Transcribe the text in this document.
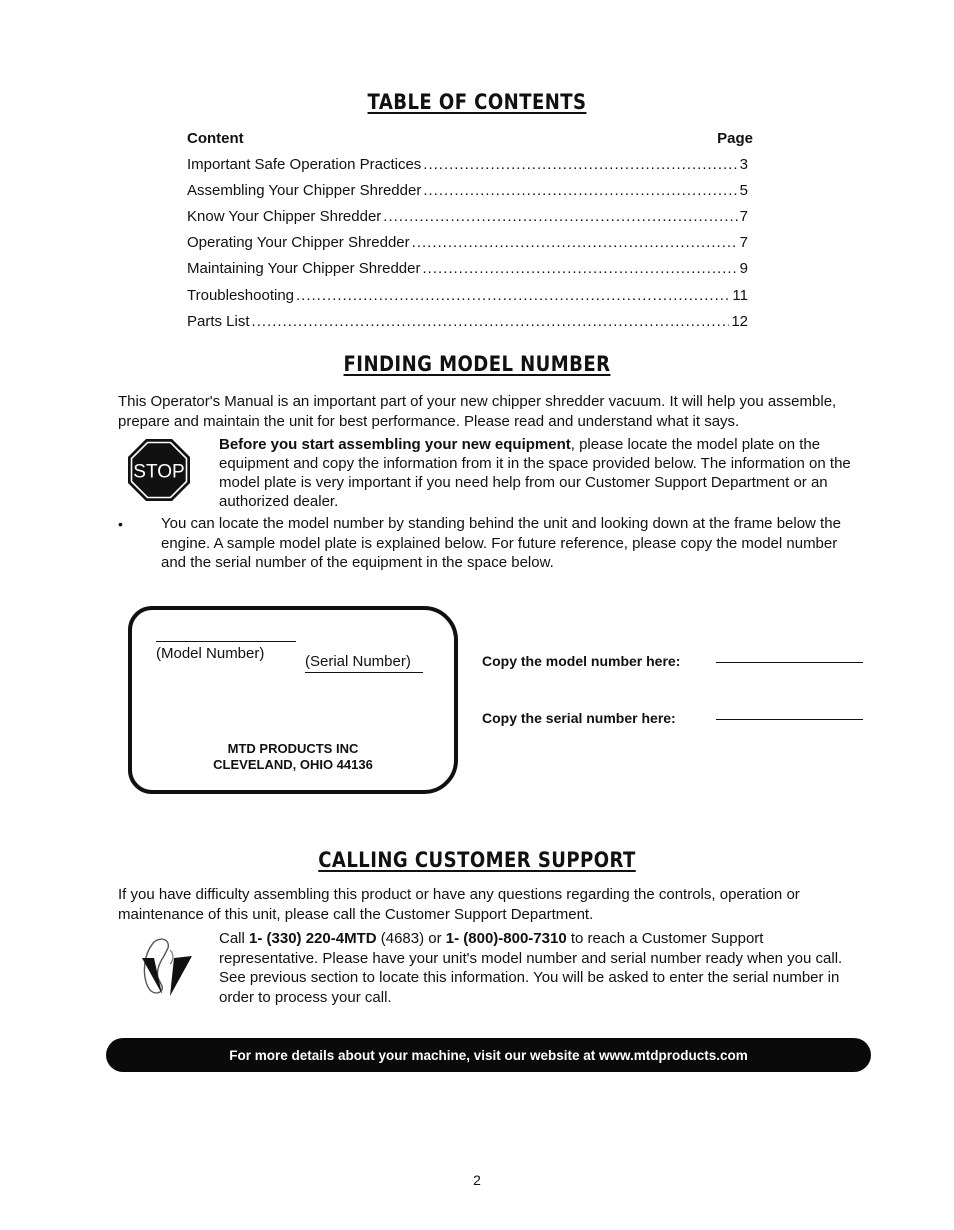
TABLE OF CONTENTS
Content	Page
Important Safe Operation Practices .....	3
Assembling Your Chipper Shredder .....	5
Know Your Chipper Shredder .....	7
Operating Your Chipper Shredder .....	7
Maintaining Your Chipper Shredder .....	9
Troubleshooting .....	11
Parts List .....	12
FINDING MODEL NUMBER
This Operator's Manual is an important part of your new chipper shredder vacuum. It will help you assemble, prepare and maintain the unit for best performance. Please read and understand what it says.
STOP
Before you start assembling your new equipment, please locate the model plate on the equipment and copy the information from it in the space provided below. The information on the model plate is very important if you need help from our Customer Support Department or an authorized dealer.
•	You can locate the model number by standing behind the unit and looking down at the frame below the engine. A sample model plate is explained below. For future reference, please copy the model number and the serial number of the equipment in the space below.
(Model Number)	(Serial Number)
MTD PRODUCTS INC
CLEVELAND, OHIO 44136
Copy the model number here:
Copy the serial number here:
CALLING CUSTOMER SUPPORT
If you have difficulty assembling this product or have any questions regarding the controls, operation or maintenance of this unit, please call the Customer Support Department.
Call 1- (330) 220-4MTD (4683) or 1- (800)-800-7310 to reach a Customer Support representative. Please have your unit's model number and serial number ready when you call. See previous section to locate this information. You will be asked to enter the serial number in order to process your call.
For more details about your machine, visit our website at www.mtdproducts.com
2
